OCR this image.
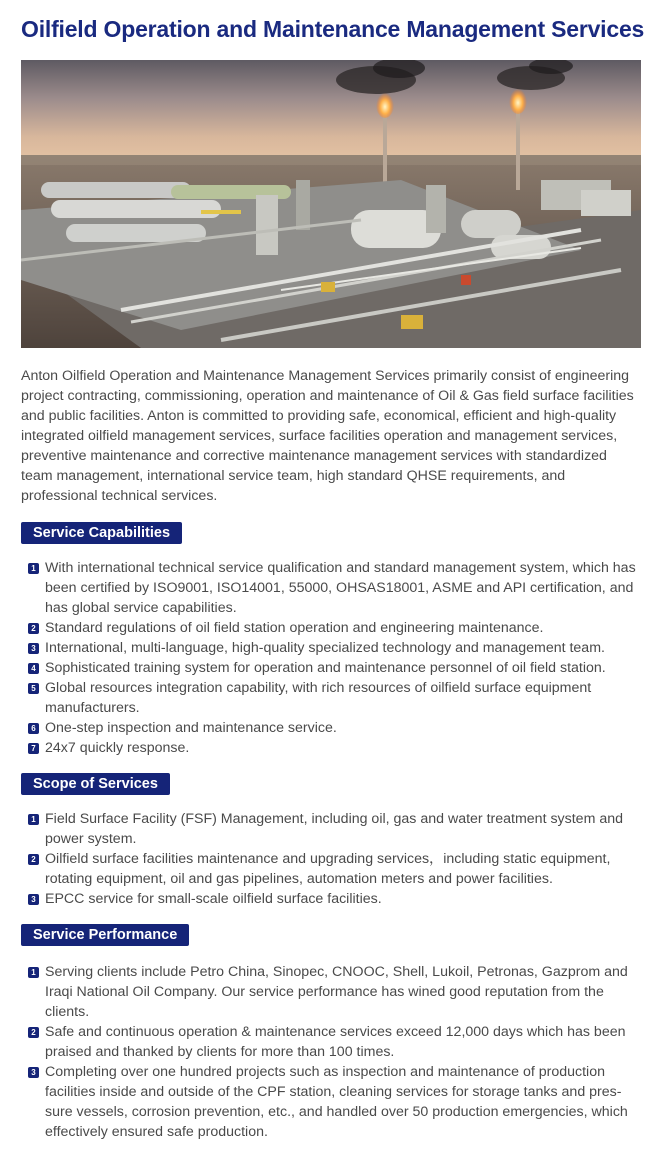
Oilfield Operation and Maintenance Management Services

Anton Oilfield Operation and Maintenance Management Services primarily consist of engineering project contracting, commissioning, operation and maintenance of Oil & Gas field surface facilities and public facilities. Anton is committed to providing safe, economical, efficient and high-quality integrated oilfield management services, surface facilities operation and management services, preventive maintenance and corrective maintenance management services with standardized team management, international service team, high standard QHSE requirements, and professional technical services.

Service Capabilities
1 With international technical service qualification and standard management system, which has been certified by ISO9001, ISO14001, 55000, OHSAS18001, ASME and API certification, and has global service capabilities.
2 Standard regulations of oil field station operation and engineering maintenance.
3 International, multi-language, high-quality specialized technology and management team.
4 Sophisticated training system for operation and maintenance personnel of oil field station.
5 Global resources integration capability, with rich resources of oilfield surface equipment manufacturers.
6 One-step inspection and maintenance service.
7 24x7 quickly response.
Scope of Services
1 Field Surface Facility (FSF) Management, including oil, gas and water treatment system and power system.
2 Oilfield surface facilities maintenance and upgrading services，including static equipment, rotating equipment, oil and gas pipelines, automation meters and power facilities.
3 EPCC service for small-scale oilfield surface facilities.
Service Performance
1 Serving clients include Petro China, Sinopec, CNOOC, Shell, Lukoil, Petronas, Gazprom and Iraqi National Oil Company. Our service performance has wined good reputation from the clients.
2 Safe and continuous operation & maintenance services exceed 12,000 days which has been praised and thanked by clients for more than 100 times.
3 Completing over one hundred projects such as inspection and maintenance of production facilities inside and outside of the CPF station, cleaning services for storage tanks and pres-sure vessels, corrosion prevention, etc., and handled over 50 production emergencies, which effectively ensured safe production.
